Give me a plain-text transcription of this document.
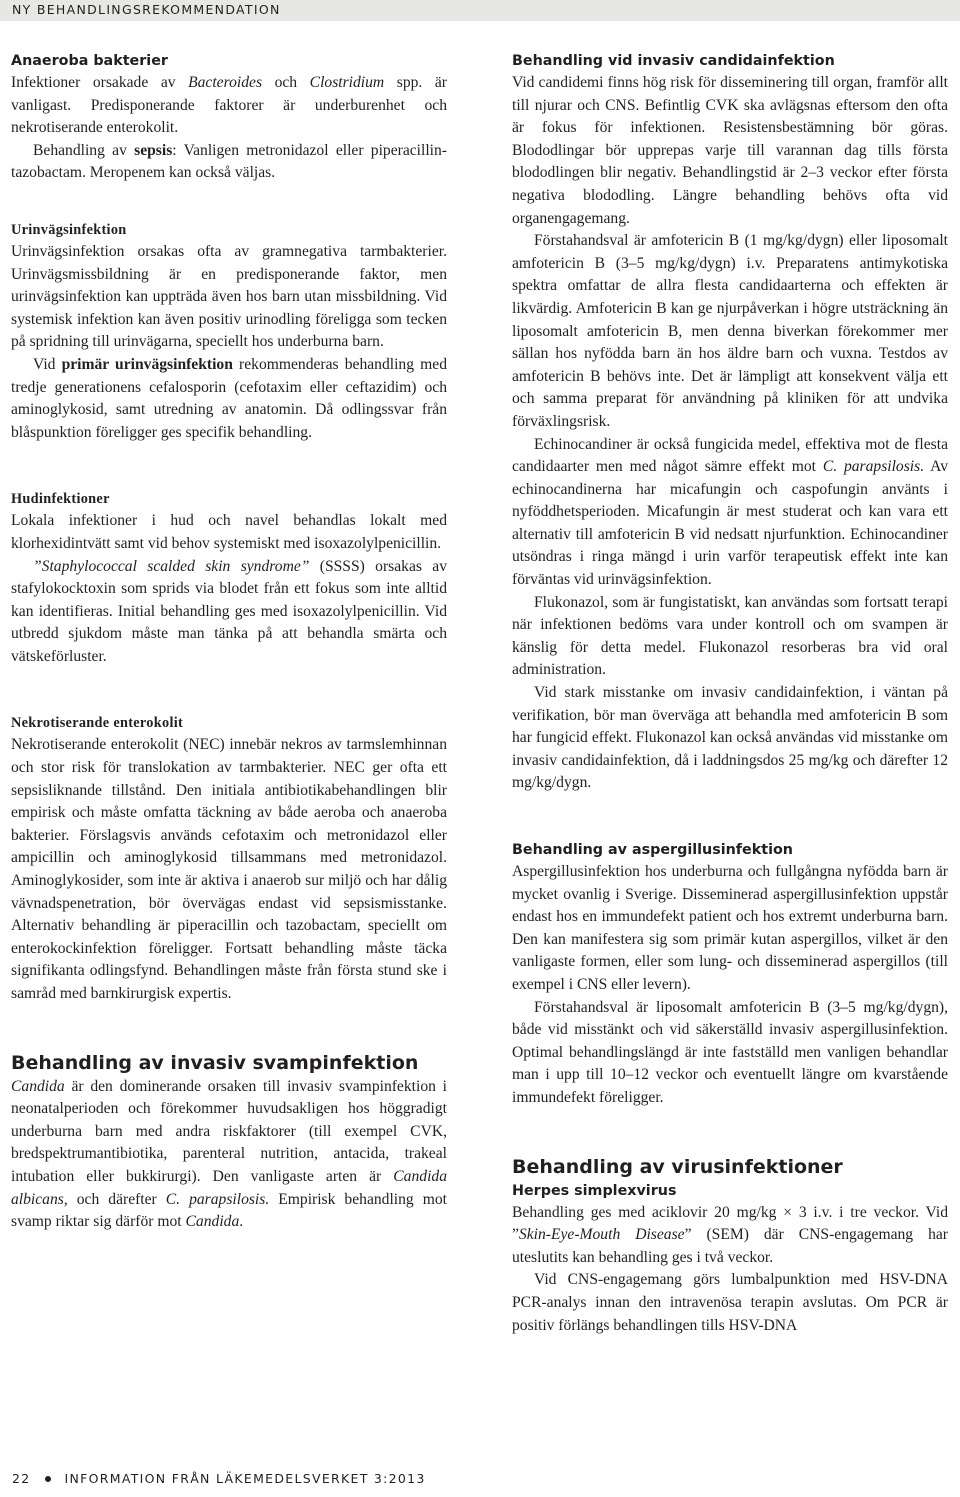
NY BEHANDLINGSREKOMMENDATION
Anaeroba bakterier

Infektioner orsakade av Bacteroides och Clostridium spp. är vanligast. Predisponerande faktorer är underburenhet och nekrotiserande enterokolit.

Behandling av sepsis: Vanligen metronidazol eller piperacillin-tazobactam. Meropenem kan också väljas.

Urinvägsinfektion

Urinvägsinfektion orsakas ofta av gramnegativa tarmbakterier. Urinvägsmissbildning är en predisponerande faktor, men urinvägsinfektion kan uppträda även hos barn utan missbildning. Vid systemisk infektion kan även positiv urinodling föreligga som tecken på spridning till urinvägarna, speciellt hos underburna barn.

Vid primär urinvägsinfektion rekommenderas behandling med tredje generationens cefalosporin (cefotaxim eller ceftazidim) och aminoglykosid, samt utredning av anatomin. Då odlingssvar från blåspunktion föreligger ges specifik behandling.

Hudinfektioner

Lokala infektioner i hud och navel behandlas lokalt med klorhexidintvätt samt vid behov systemiskt med isoxazolylpenicillin.

”Staphylococcal scalded skin syndrome” (SSSS) orsakas av stafylokocktoxin som sprids via blodet från ett fokus som inte alltid kan identifieras. Initial behandling ges med isoxazolylpenicillin. Vid utbredd sjukdom måste man tänka på att behandla smärta och vätskeförluster.

Nekrotiserande enterokolit

Nekrotiserande enterokolit (NEC) innebär nekros av tarmslemhinnan och stor risk för translokation av tarmbakterier. NEC ger ofta ett sepsisliknande tillstånd. Den initiala antibiotikabehandlingen blir empirisk och måste omfatta täckning av både aeroba och anaeroba bakterier. Förslagsvis används cefotaxim och metronidazol eller ampicillin och aminoglykosid tillsammans med metronidazol. Aminoglykosider, som inte är aktiva i anaerob sur miljö och har dålig vävnadspenetration, bör övervägas endast vid sepsismisstanke. Alternativ behandling är piperacillin och tazobactam, speciellt om enterokockinfektion föreligger. Fortsatt behandling måste täcka signifikanta odlingsfynd. Behandlingen måste från första stund ske i samråd med barnkirurgisk expertis.

Behandling av invasiv svampinfektion

Candida är den dominerande orsaken till invasiv svampinfektion i neonatalperioden och förekommer huvudsakligen hos höggradigt underburna barn med andra riskfaktorer (till exempel CVK, bredspektrumantibiotika, parenteral nutrition, antacida, trakeal intubation eller bukkirurgi). Den vanligaste arten är Candida albicans, och därefter C. parapsilosis. Empirisk behandling mot svamp riktar sig därför mot Candida.

Behandling vid invasiv candidainfektion

Vid candidemi finns hög risk för disseminering till organ, framför allt till njurar och CNS. Befintlig CVK ska avlägsnas eftersom den ofta är fokus för infektionen. Resistensbestämning bör göras. Blododlingar bör upprepas varje till varannan dag tills första blododlingen blir negativ. Behandlingstid är 2–3 veckor efter första negativa blododling. Längre behandling behövs ofta vid organengagemang.

Förstahandsval är amfotericin B (1 mg/kg/dygn) eller liposomalt amfotericin B (3–5 mg/kg/dygn) i.v. Preparatens antimykotiska spektra omfattar de allra flesta candidaarterna och effekten är likvärdig. Amfotericin B kan ge njurpåverkan i högre utsträckning än liposomalt amfotericin B, men denna biverkan förekommer mer sällan hos nyfödda barn än hos äldre barn och vuxna. Testdos av amfotericin B behövs inte. Det är lämpligt att konsekvent välja ett och samma preparat för användning på kliniken för att undvika förväxlingsrisk.

Echinocandiner är också fungicida medel, effektiva mot de flesta candidaarter men med något sämre effekt mot C. parapsilosis. Av echinocandinerna har micafungin och caspofungin använts i nyföddhetsperioden. Micafungin är mest studerat och kan vara ett alternativ till amfotericin B vid nedsatt njurfunktion. Echinocandiner utsöndras i ringa mängd i urin varför terapeutisk effekt inte kan förväntas vid urinvägsinfektion.

Flukonazol, som är fungistatiskt, kan användas som fortsatt terapi när infektionen bedöms vara under kontroll och om svampen är känslig för detta medel. Flukonazol resorberas bra vid oral administration.

Vid stark misstanke om invasiv candidainfektion, i väntan på verifikation, bör man överväga att behandla med amfotericin B som har fungicid effekt. Flukonazol kan också användas vid misstanke om invasiv candidainfektion, då i laddningsdos 25 mg/kg och därefter 12 mg/kg/dygn.

Behandling av aspergillusinfektion

Aspergillusinfektion hos underburna och fullgångna nyfödda barn är mycket ovanlig i Sverige. Disseminerad aspergillusinfektion uppstår endast hos en immundefekt patient och hos extremt underburna barn. Den kan manifestera sig som primär kutan aspergillos, vilket är den vanligaste formen, eller som lung- och disseminerad aspergillos (till exempel i CNS eller levern).

Förstahandsval är liposomalt amfotericin B (3–5 mg/kg/dygn), både vid misstänkt och vid säkerställd invasiv aspergillusinfektion. Optimal behandlingslängd är inte fastställd men vanligen behandlar man i upp till 10–12 veckor och eventuellt längre om kvarstående immundefekt föreligger.

Behandling av virusinfektioner
Herpes simplexvirus

Behandling ges med aciklovir 20 mg/kg × 3 i.v. i tre veckor. Vid ”Skin-Eye-Mouth Disease” (SEM) där CNS-engagemang har uteslutits kan behandling ges i två veckor.

Vid CNS-engagemang görs lumbalpunktion med HSV-DNA PCR-analys innan den intravenösa terapin avslutas. Om PCR är positiv förlängs behandlingen tills HSV-DNA

22	INFORMATION FRÅN LÄKEMEDELSVERKET 3:2013
